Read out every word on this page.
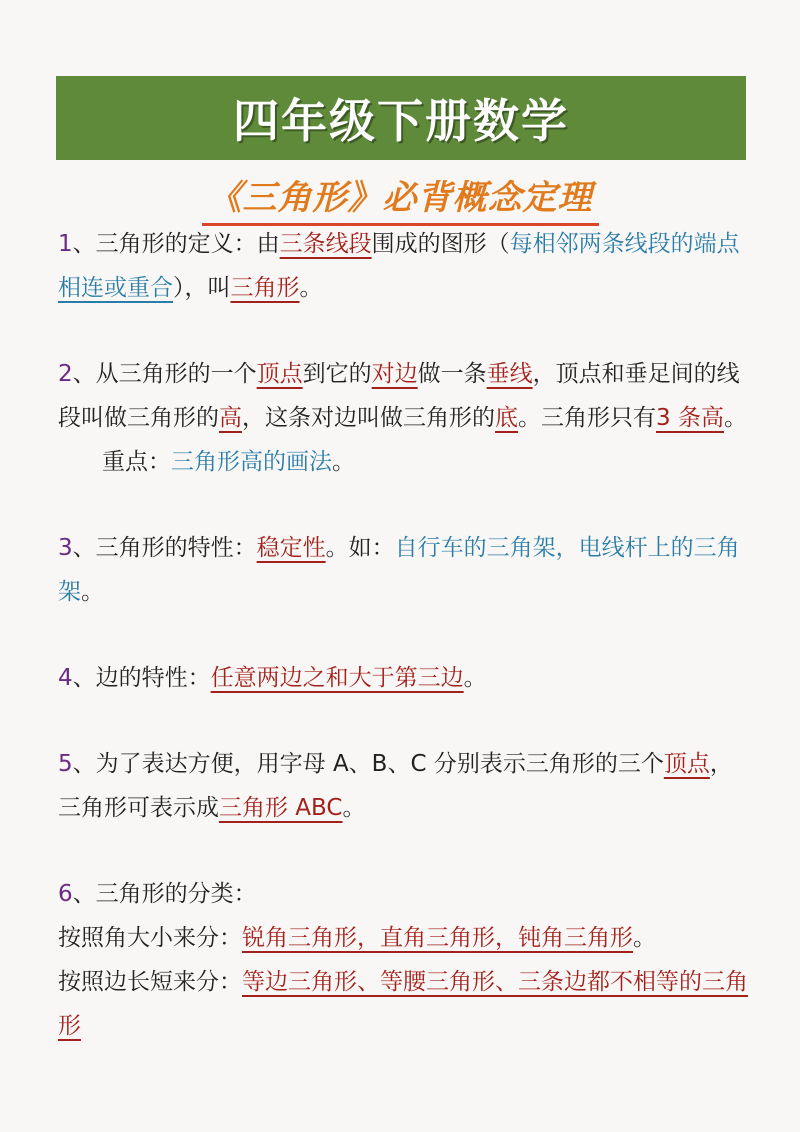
四年级下册数学
《三角形》必背概念定理
1、三角形的定义：由三条线段围成的图形（每相邻两条线段的端点相连或重合），叫三角形。
2、从三角形的一个顶点到它的对边做一条垂线，顶点和垂足间的线段叫做三角形的高，这条对边叫做三角形的底。三角形只有3 条高。重点：三角形高的画法。
3、三角形的特性：稳定性。如：自行车的三角架，电线杆上的三角架。
4、边的特性：任意两边之和大于第三边。
5、为了表达方便，用字母 A、B、C 分别表示三角形的三个顶点，三角形可表示成三角形 ABC。
6、三角形的分类：
按照角大小来分：锐角三角形，直角三角形，钝角三角形。
按照边长短来分：等边三角形、等腰三角形、三条边都不相等的三角形
